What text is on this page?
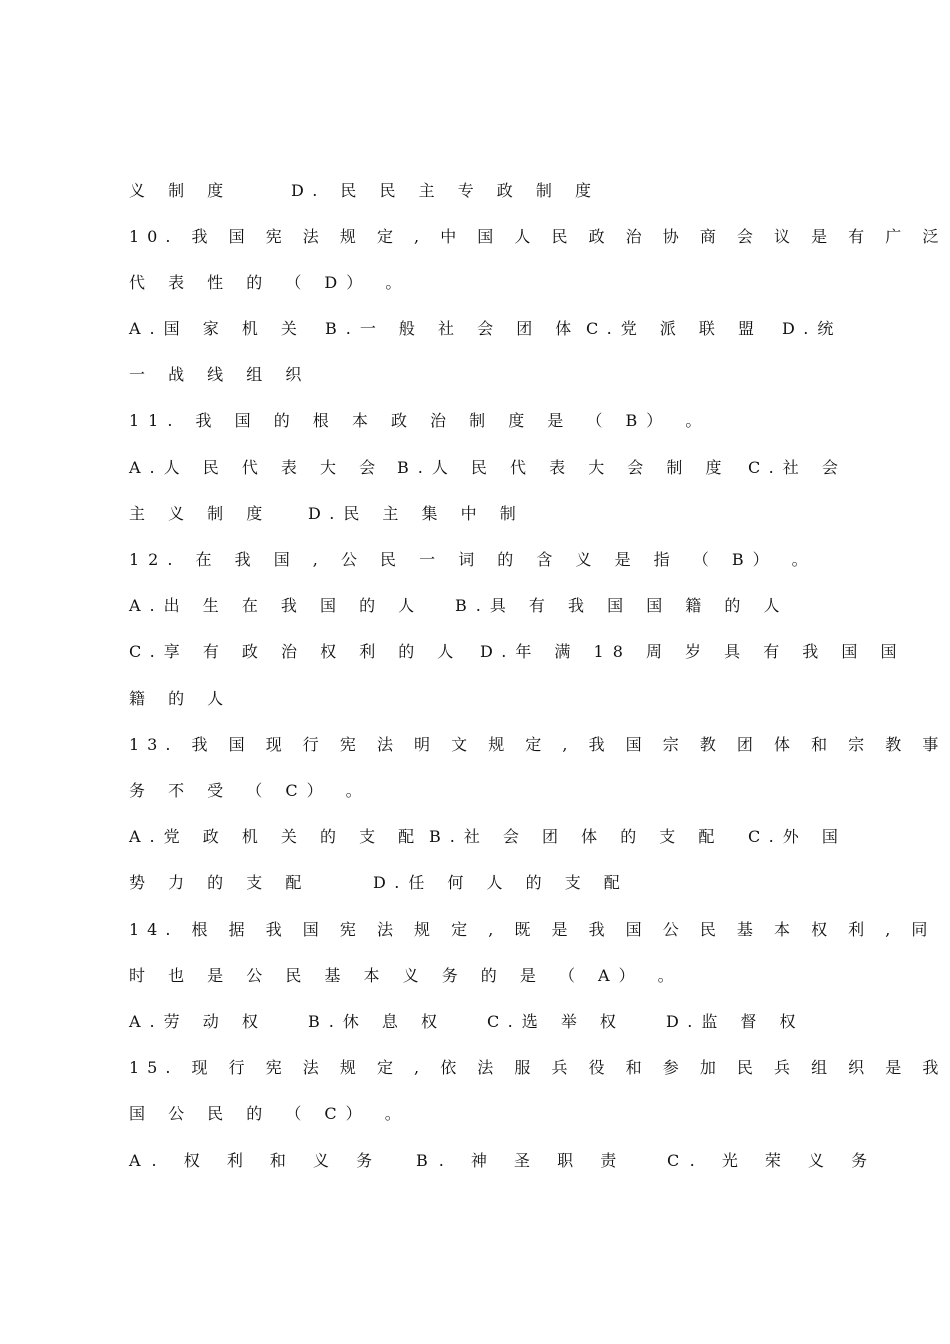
义 制 度

	D. 民 民 主 专 政 制 度

10. 我 国 宪 法 规 定 , 中 国 人 民 政 治 协 商 会 议 是 有 广 泛

代 表 性 的 （ D） 。

A.国 家 机 关

B.一 般 社 会 团 体

C.党 派 联 盟

D.统

一 战 线 组 织

11. 我 国 的 根 本 政 治 制 度 是 （ B） 。

A.人 民 代 表 大 会

B.人 民 代 表 大 会 制 度

C.社 会

主 义 制 度

D.民 主 集 中 制

12. 在 我 国 , 公 民 一 词 的 含 义 是 指 （ B） 。

A.出 生 在 我 国 的 人

B.具 有 我 国 国 籍 的 人

C.享 有 政 治 权 利 的 人

D.年 满 18 周 岁 具 有 我 国 国

籍 的 人

13. 我 国 现 行 宪 法 明 文 规 定 , 我 国 宗 教 团 体 和 宗 教 事

务 不 受 （ C） 。

A.党 政 机 关 的 支 配

B.社 会 团 体 的 支 配

C.外 国

势 力 的 支 配

	D.任 何 人 的 支 配

14. 根 据 我 国 宪 法 规 定 , 既 是 我 国 公 民 基 本 权 利 , 同

时 也 是 公 民 基 本 义 务 的 是 （ A） 。

A.劳 动 权

	B.休 息 权

	C.选 举 权

	D.监 督 权

15. 现 行 宪 法 规 定 , 依 法 服 兵 役 和 参 加 民 兵 组 织 是 我

国 公 民 的 （ C） 。

A. 权 利 和 义 务

B. 神 圣 职 责

C. 光 荣 义 务
